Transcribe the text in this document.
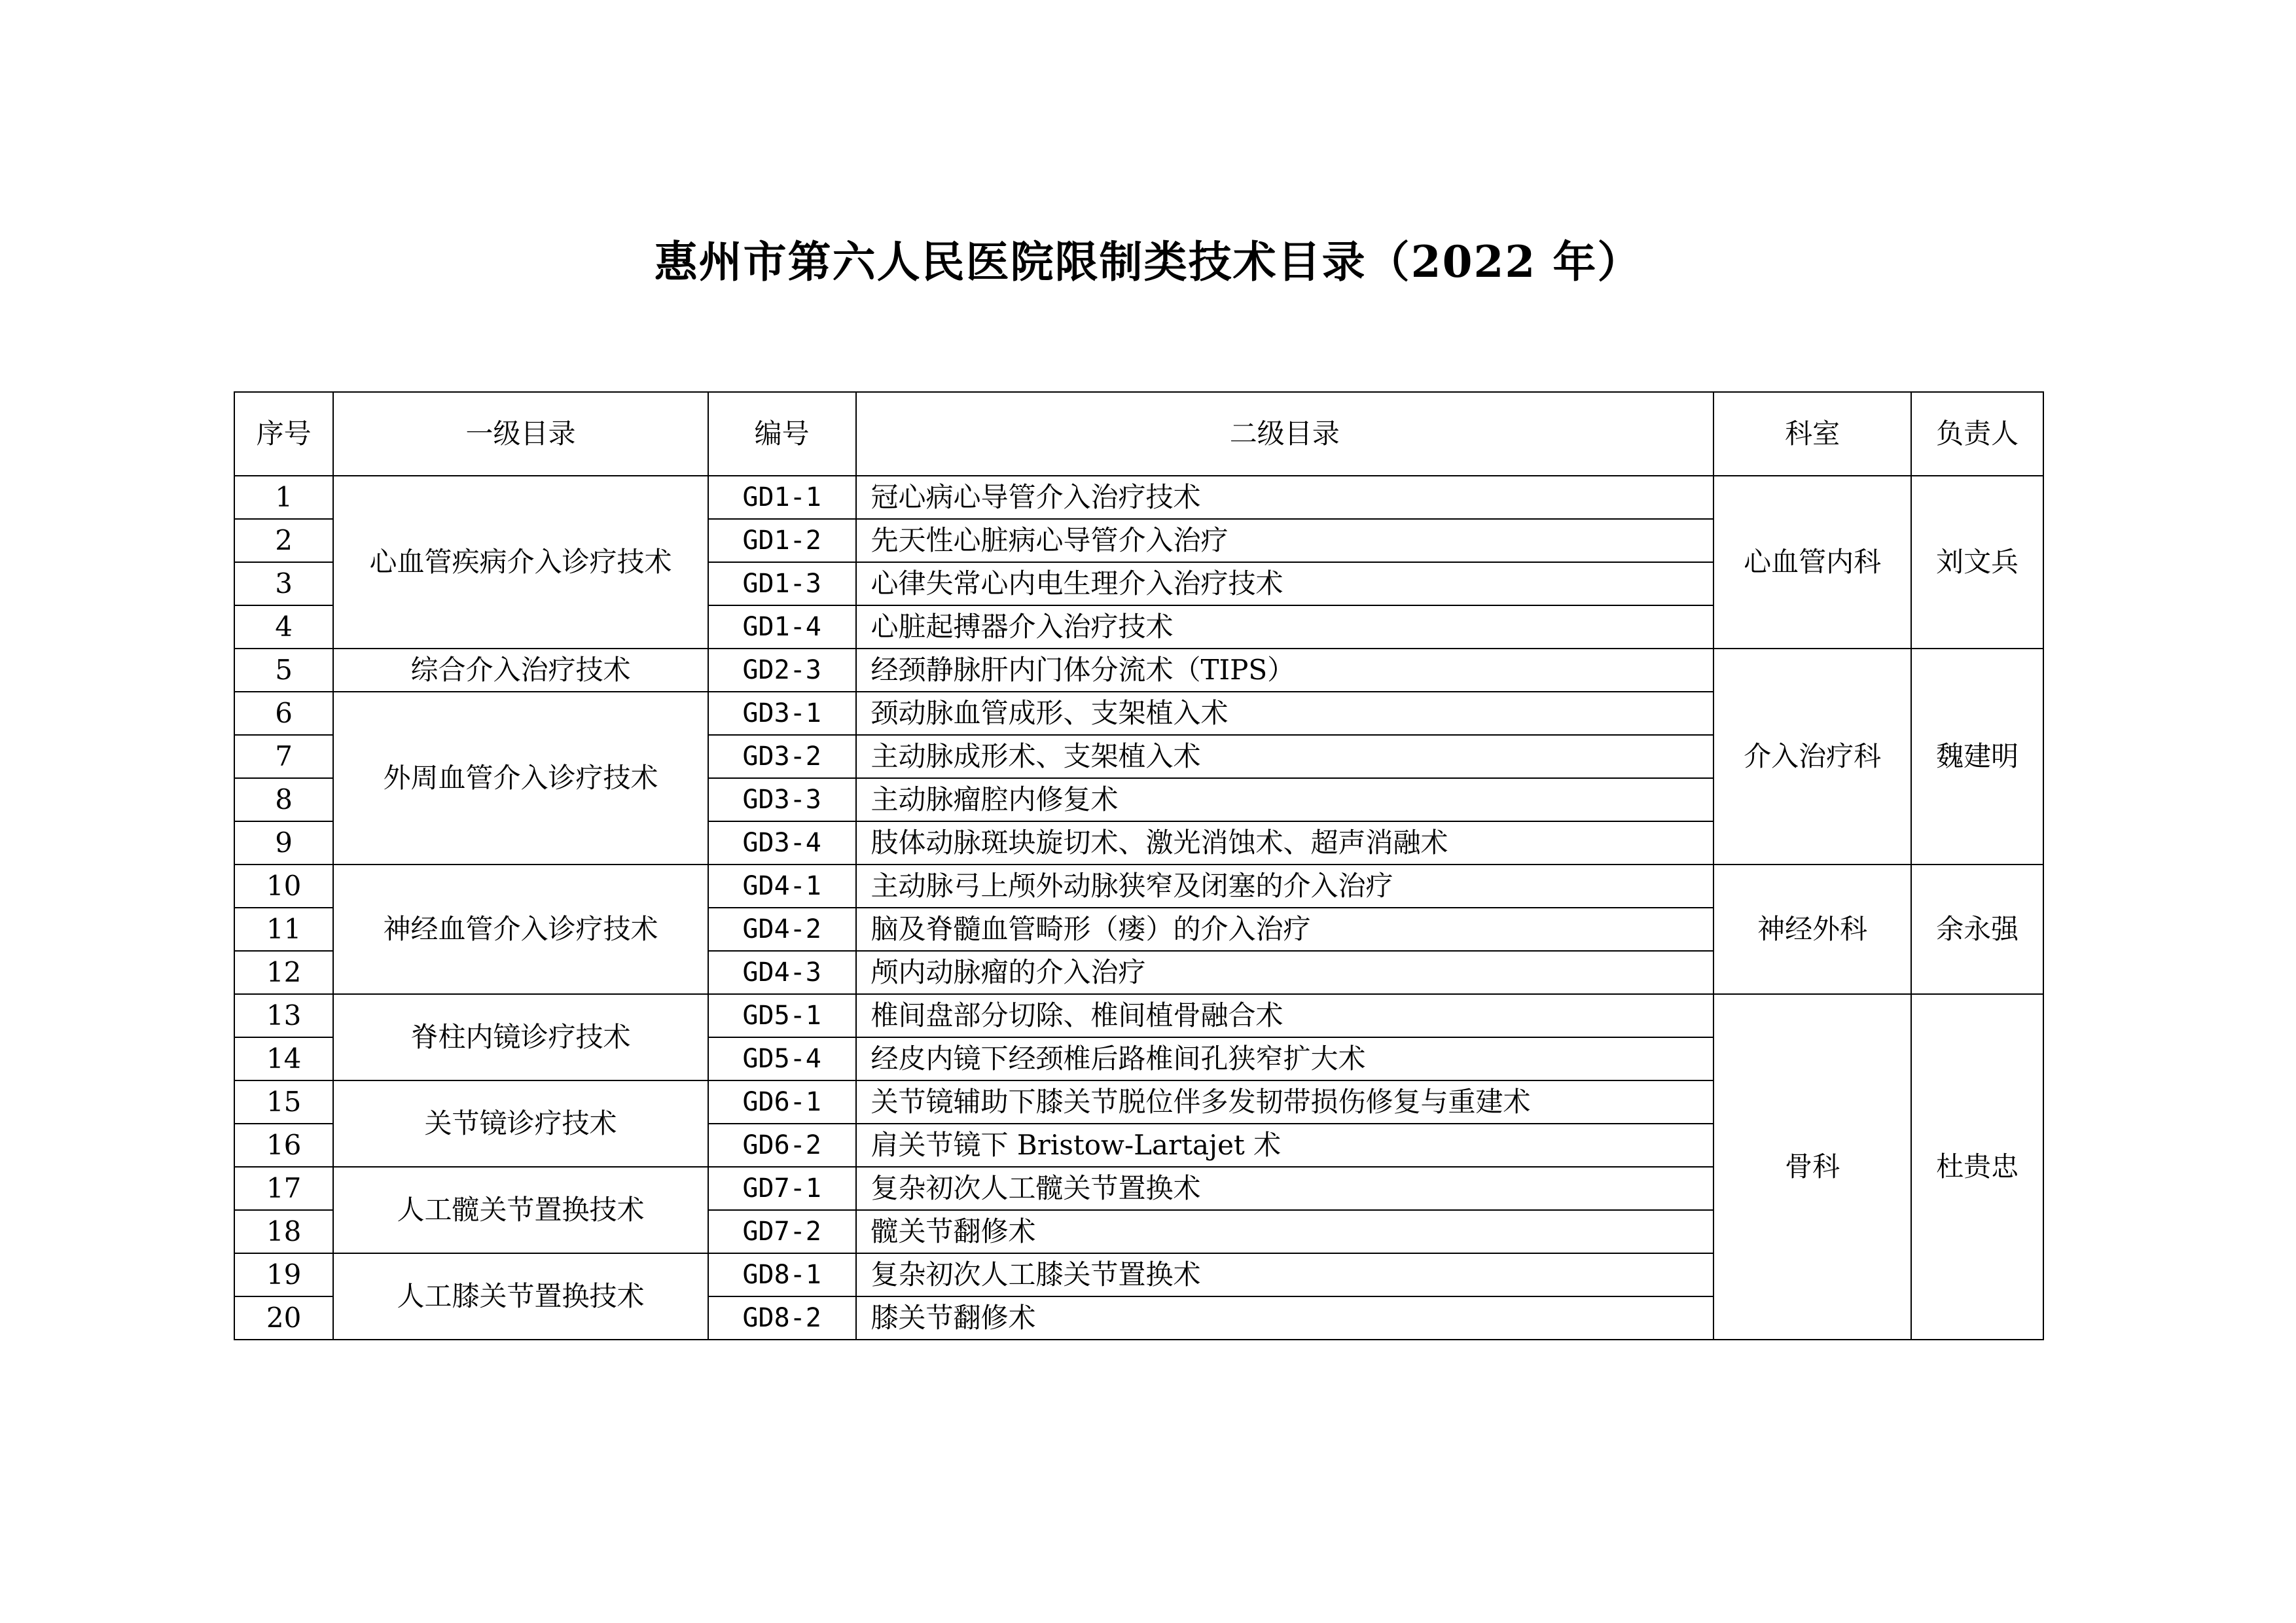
惠州市第六人民医院限制类技术目录（2022 年）
序号	一级目录	编号	二级目录	科室	负责人
1	心血管疾病介入诊疗技术	GD1-1	冠心病心导管介入治疗技术	心血管内科	刘文兵
2		GD1-2	先天性心脏病心导管介入治疗		
3		GD1-3	心律失常心内电生理介入治疗技术		
4		GD1-4	心脏起搏器介入治疗技术		
5	综合介入治疗技术	GD2-3	经颈静脉肝内门体分流术（TIPS）	介入治疗科	魏建明
6	外周血管介入诊疗技术	GD3-1	颈动脉血管成形、支架植入术		
7		GD3-2	主动脉成形术、支架植入术		
8		GD3-3	主动脉瘤腔内修复术		
9		GD3-4	肢体动脉斑块旋切术、激光消蚀术、超声消融术		
10	神经血管介入诊疗技术	GD4-1	主动脉弓上颅外动脉狭窄及闭塞的介入治疗	神经外科	余永强
11		GD4-2	脑及脊髓血管畸形（瘘）的介入治疗		
12		GD4-3	颅内动脉瘤的介入治疗		
13	脊柱内镜诊疗技术	GD5-1	椎间盘部分切除、椎间植骨融合术	骨科	杜贵忠
14		GD5-4	经皮内镜下经颈椎后路椎间孔狭窄扩大术		
15	关节镜诊疗技术	GD6-1	关节镜辅助下膝关节脱位伴多发韧带损伤修复与重建术		
16		GD6-2	肩关节镜下 Bristow-Lartajet 术		
17	人工髋关节置换技术	GD7-1	复杂初次人工髋关节置换术		
18		GD7-2	髋关节翻修术		
19	人工膝关节置换技术	GD8-1	复杂初次人工膝关节置换术		
20		GD8-2	膝关节翻修术		
